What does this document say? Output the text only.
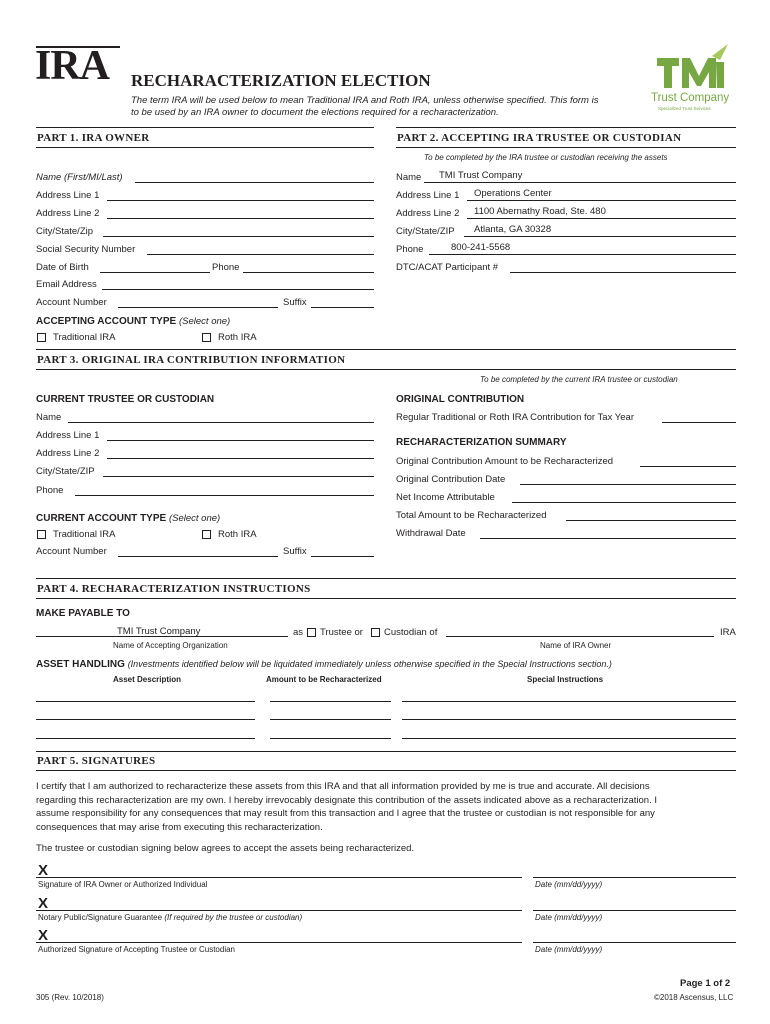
IRA RECHARACTERIZATION ELECTION
The term IRA will be used below to mean Traditional IRA and Roth IRA, unless otherwise specified. This form is
to be used by an IRA owner to document the elections required for a recharacterization.
Trust Company
Specialized Trust Services
PART 1. IRA OWNER	PART 2. ACCEPTING IRA TRUSTEE OR CUSTODIAN
To be completed by the IRA trustee or custodian receiving the assets
Name (First/MI/Last)
Address Line 1
Address Line 2
City/State/Zip
Social Security Number
Date of Birth	Phone
Email Address
Account Number	Suffix
ACCEPTING ACCOUNT TYPE (Select one)
Traditional IRA	Roth IRA
Name TMI Trust Company
Address Line 1 Operations Center
Address Line 2 1100 Abernathy Road, Ste. 480
City/State/ZIP Atlanta, GA 30328
Phone	800-241-5568
DTC/ACAT Participant #
PART 3. ORIGINAL IRA CONTRIBUTION INFORMATION
To be completed by the current IRA trustee or custodian
CURRENT TRUSTEE OR CUSTODIAN
Name
Address Line 1
Address Line 2
City/State/ZIP
Phone
CURRENT ACCOUNT TYPE (Select one)
Traditional IRA	Roth IRA
Account Number	Suffix
ORIGINAL CONTRIBUTION
Regular Traditional or Roth IRA Contribution for Tax Year
RECHARACTERIZATION SUMMARY
Original Contribution Amount to be Recharacterized
Original Contribution Date
Net Income Attributable
Total Amount to be Recharacterized
Withdrawal Date
PART 4. RECHARACTERIZATION INSTRUCTIONS
MAKE PAYABLE TO
TMI Trust Company	as Trustee or Custodian of	IRA
Name of Accepting Organization	Name of IRA Owner
ASSET HANDLING (Investments identified below will be liquidated immediately unless otherwise specified in the Special Instructions section.)
Asset Description	Amount to be Recharacterized	Special Instructions
PART 5. SIGNATURES
I certify that I am authorized to recharacterize these assets from this IRA and that all information provided by me is true and accurate. All decisions
regarding this recharacterization are my own. I hereby irrevocably designate this contribution of the assets indicated above as a recharacterization. I
assume responsibility for any consequences that may result from this transaction and I agree that the trustee or custodian is not responsible for any
consequences that may arise from executing this recharacterization.
The trustee or custodian signing below agrees to accept the assets being recharacterized.
X
Signature of IRA Owner or Authorized Individual	Date (mm/dd/yyyy)
X
Notary Public/Signature Guarantee (If required by the trustee or custodian)	Date (mm/dd/yyyy)
X
Authorized Signature of Accepting Trustee or Custodian	Date (mm/dd/yyyy)
Page 1 of 2
305 (Rev. 10/2018)	©2018 Ascensus, LLC
